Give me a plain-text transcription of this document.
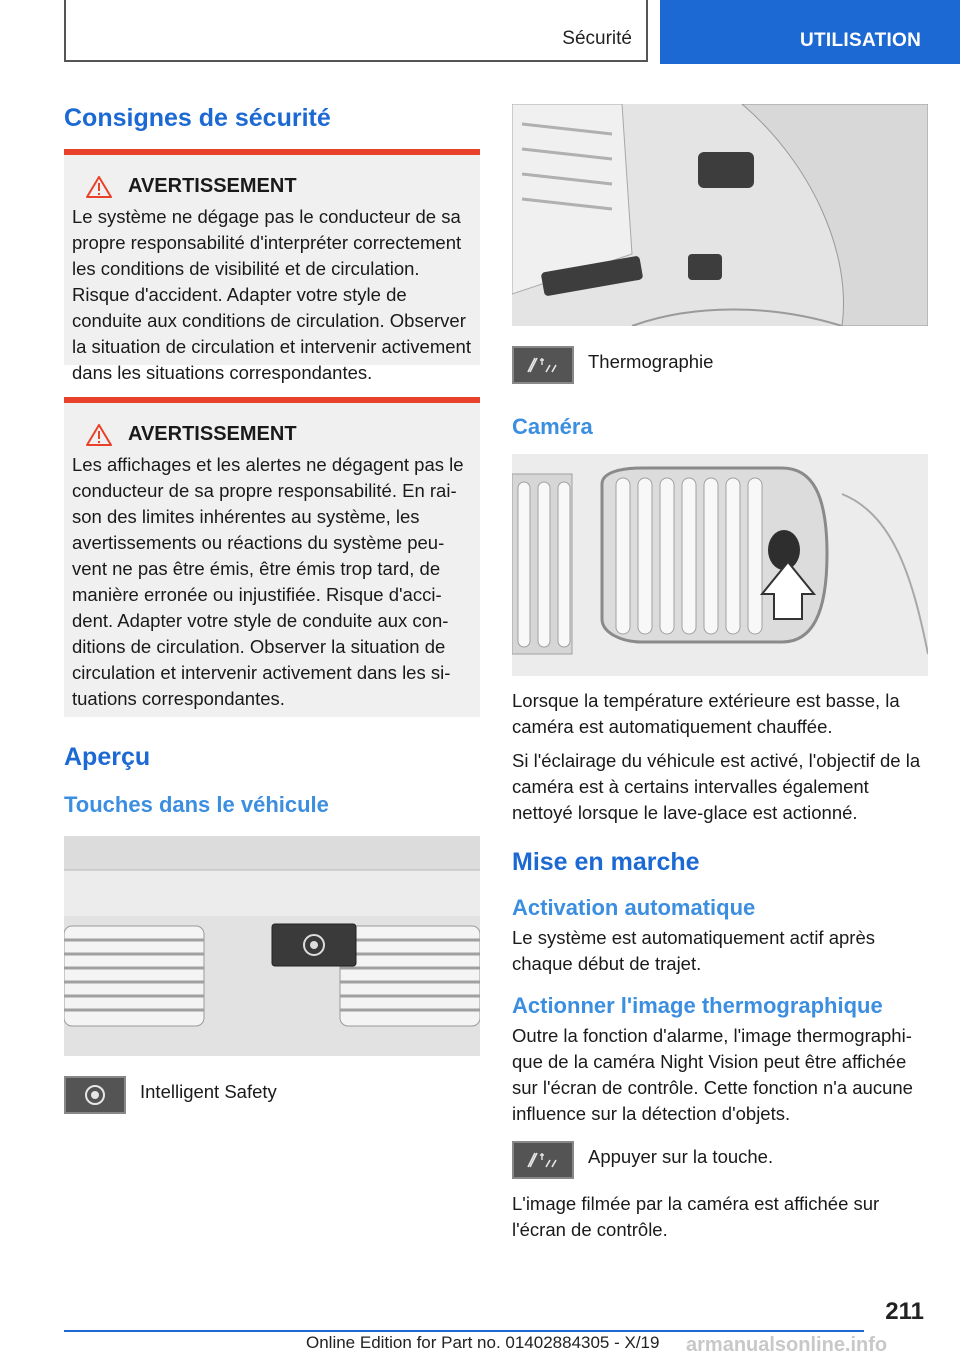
Sécurité	UTILISATION
Consignes de sécurité
AVERTISSEMENT
Le système ne dégage pas le conducteur de sa propre responsabilité d'interpréter correctement les conditions de visibilité et de circulation. Risque d'accident. Adapter votre style de conduite aux conditions de circulation. Observer la situation de circulation et intervenir activement dans les situations correspondantes.
AVERTISSEMENT
Les affichages et les alertes ne dégagent pas le conducteur de sa propre responsabilité. En raison des limites inhérentes au système, les avertissements ou réactions du système peuvent ne pas être émis, être émis trop tard, de manière erronée ou injustifiée. Risque d'accident. Adapter votre style de conduite aux conditions de circulation. Observer la situation de circulation et intervenir activement dans les situations correspondantes.
Aperçu
Touches dans le véhicule
Intelligent Safety
Thermographie
Caméra

Lorsque la température extérieure est basse, la caméra est automatiquement chauffée.

Si l'éclairage du véhicule est activé, l'objectif de la caméra est à certains intervalles également nettoyé lorsque le lave-glace est actionné.

Mise en marche
Activation automatique

Le système est automatiquement actif après chaque début de trajet.

Actionner l'image thermographique

Outre la fonction d'alarme, l'image thermographique de la caméra Night Vision peut être affichée sur l'écran de contrôle. Cette fonction n'a aucune influence sur la détection d'objets.

Appuyer sur la touche.

L'image filmée par la caméra est affichée sur l'écran de contrôle.

211
Online Edition for Part no. 01402884305 - X/19 armanualsonline.info
